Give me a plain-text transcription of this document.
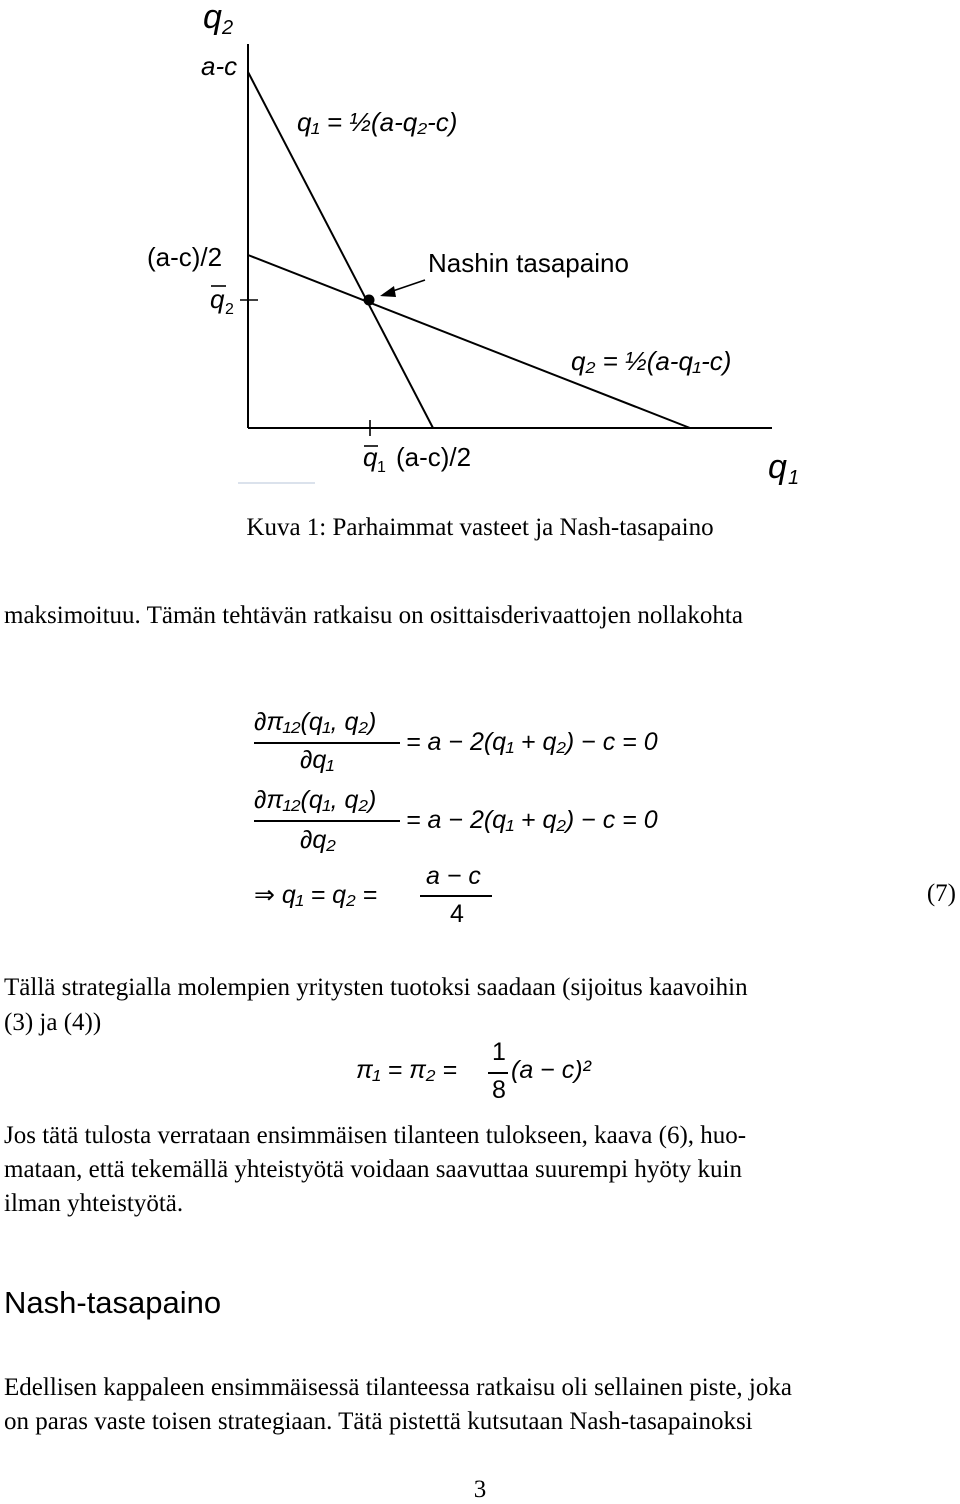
q 2
q 1
a-c
(a-c)/2
q 2
q 1 (a-c)/2
q₁ = ½(a-q₂-c)
q₂ = ½(a-q₁-c)
Nashin tasapaino
Kuva 1: Parhaimmat vasteet ja Nash-tasapaino
maksimoituu. Tämän tehtävän ratkaisu on osittaisderivaattojen nollakohta
∂π₁₂(q₁, q₂)
∂q₁
= a − 2(q₁ + q₂) − c = 0
∂π₁₂(q₁, q₂)
∂q₂
= a − 2(q₁ + q₂) − c = 0
⇒ q₁ = q₂ =
a − c
4
(7)
Tällä strategialla molempien yritysten tuotoksi saadaan (sijoitus kaavoihin
(3) ja (4))
π₁ = π₂ =
1
8
(a − c)²
Jos tätä tulosta verrataan ensimmäisen tilanteen tulokseen, kaava (6), huo-
mataan, että tekemällä yhteistyötä voidaan saavuttaa suurempi hyöty kuin
ilman yhteistyötä.
Nash-tasapaino
Edellisen kappaleen ensimmäisessä tilanteessa ratkaisu oli sellainen piste, joka
on paras vaste toisen strategiaan. Tätä pistettä kutsutaan Nash-tasapainoksi
3
